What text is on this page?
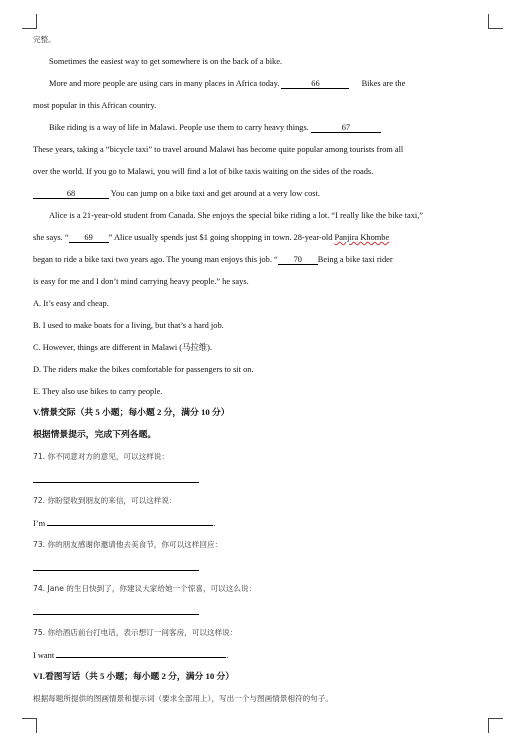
完整。
Sometimes the easiest way to get somewhere is on the back of a bike.
More and more people are using cars in many places in Africa today.	66	Bikes are the
most popular in this African country.
Bike riding is a way of life in Malawi. People use them to carry heavy things.	67
These years, taking a “bicycle taxi” to travel around Malawi has become quite popular among tourists from all
over the world. If you go to Malawi, you will find a lot of bike taxis waiting on the sides of the roads.
68	You can jump on a bike taxi and get around at a very low cost.
Alice is a 21-year-old student from Canada. She enjoys the special bike riding a lot. “I really like the bike taxi,”
she says. “ 69 ” Alice usually spends just $1 going shopping in town. 28-year-old Panjira Khombe
began to ride a bike taxi two years ago. The young man enjoys this job. “ 70 Being a bike taxi rider
is easy for me and I don’t mind carrying heavy people.” he says.
A. It’s easy and cheap.
B. I used to make boats for a living, but that’s a hard job.
C. However, things are different in Malawi (马拉维).
D. The riders make the bikes comfortable for passengers to sit on.
E. They also use bikes to carry people.
V.情景交际（共 5 小题；每小题 2 分，满分 10 分）
根据情景提示，完成下列各题。
71. 你不同意对方的意见，可以这样说：
72. 你盼望收到朋友的来信，可以这样说：
I’m	.
73. 你的朋友感谢你邀请他去美食节，你可以这样回应：
74. Jane 的生日快到了，你建议大家给她一个惊喜，可以这么说：
75. 你给酒店前台打电话，表示想订一间客房，可以这样说：
I want	.
VI.看图写话（共 5 小题；每小题 2 分，满分 10 分）
根据每题所提供的图画情景和提示词（要求全部用上），写出一个与图画情景相符的句子。
